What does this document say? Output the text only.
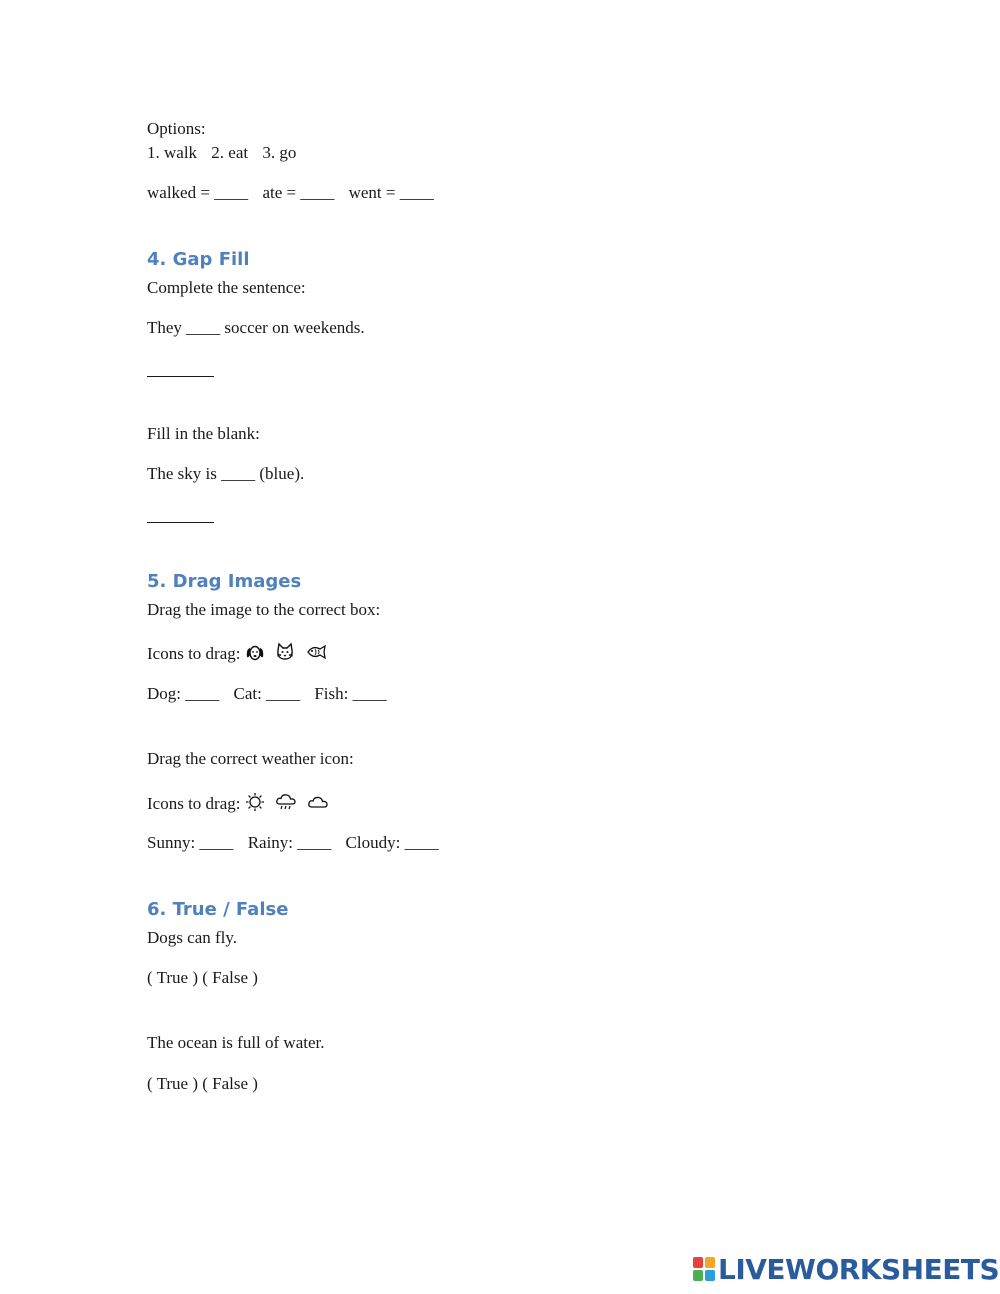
Options:

1. walk 2. eat 3. go

walked = ____ ate = ____ went = ____

4. Gap Fill

Complete the sentence:

They ____ soccer on weekends.

Fill in the blank:

The sky is ____ (blue).

5. Drag Images

Drag the image to the correct box:

Icons to drag:

Dog: ____ Cat: ____ Fish: ____

Drag the correct weather icon:

Icons to drag:

Sunny: ____ Rainy: ____ Cloudy: ____

6. True / False

Dogs can fly.

( True ) ( False )

The ocean is full of water.

( True ) ( False )

LIVEWORKSHEETS
